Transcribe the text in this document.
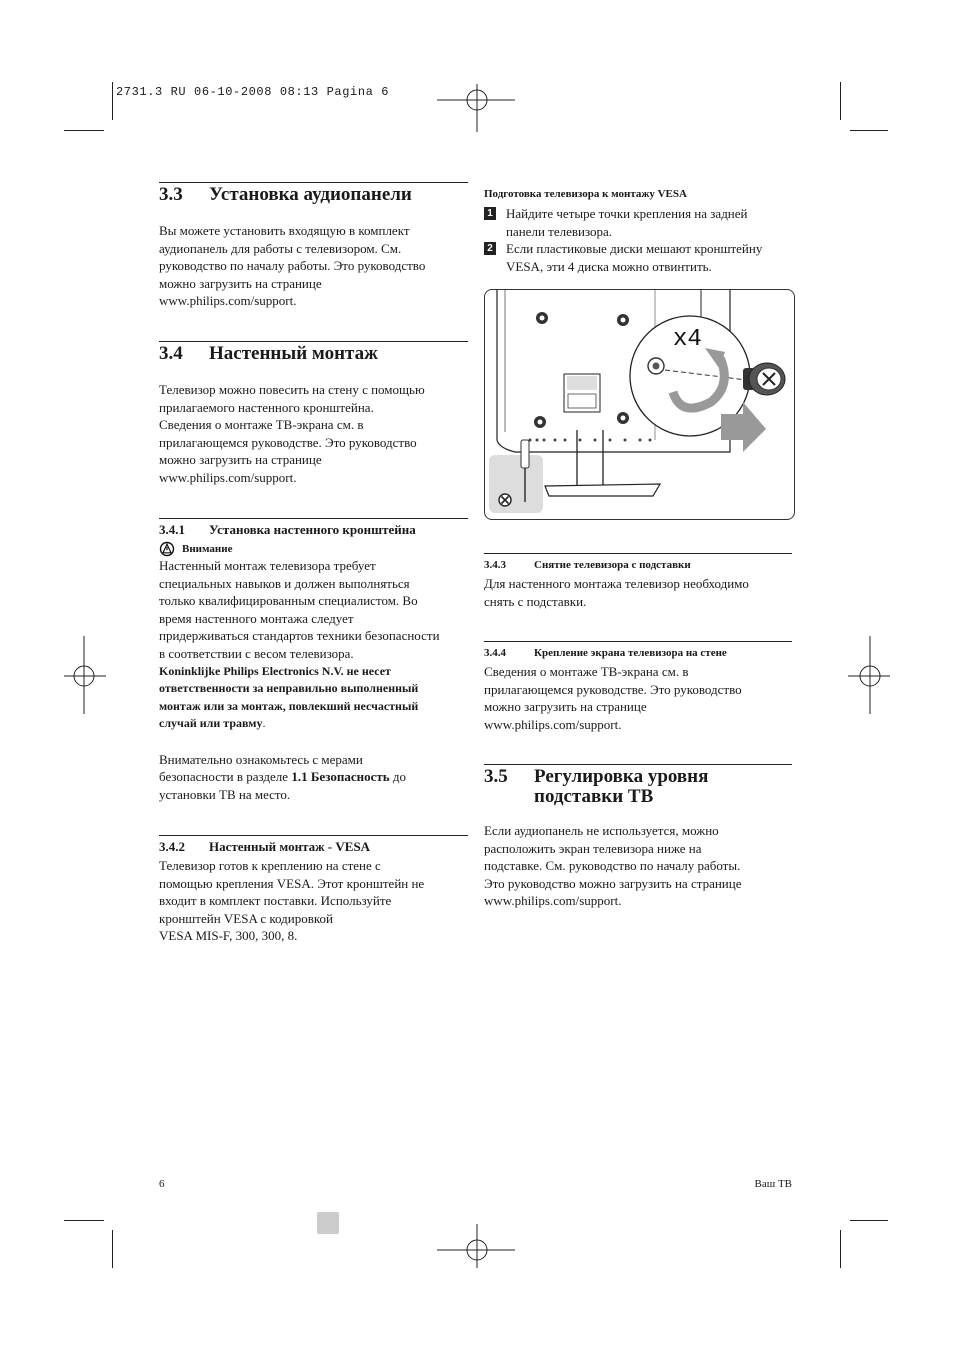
2731.3 RU 06-10-2008 08:13 Pagina 6
3.3 Установка аудиопанели
Вы можете установить входящую в комплект
аудиопанель для работы с телевизором. См.
руководство по началу работы. Это руководство
можно загрузить на странице
www.philips.com/support.
3.4 Настенный монтаж
Телевизор можно повесить на стену с помощью
прилагаемого настенного кронштейна.
Сведения о монтаже ТВ-экрана см. в
прилагающемся руководстве. Это руководство
можно загрузить на странице
www.philips.com/support.
3.4.1 Установка настенного кронштейна
Внимание
Настенный монтаж телевизора требует
специальных навыков и должен выполняться
только квалифицированным специалистом. Во
время настенного монтажа следует
придерживаться стандартов техники безопасности
в соответствии с весом телевизора.
Koninklijke Philips Electronics N.V. не несет
ответственности за неправильно выполненный
монтаж или за монтаж, повлекший несчастный
случай или травму.
Внимательно ознакомьтесь с мерами
безопасности в разделе 1.1 Безопасность до
установки ТВ на место.
3.4.2 Настенный монтаж - VESA
Телевизор готов к креплению на стене с
помощью крепления VESA. Этот кронштейн не
входит в комплект поставки. Используйте
кронштейн VESA с кодировкой
VESA MIS-F, 300, 300, 8.
Подготовка телевизора к монтажу VESA
1 Найдите четыре точки крепления на задней
панели телевизора.
2 Если пластиковые диски мешают кронштейну
VESA, эти 4 диска можно отвинтить.
x4
3.4.3	Снятие телевизора с подставки
Для настенного монтажа телевизор необходимо
снять с подставки.
3.4.4	Крепление экрана телевизора на стене
Сведения о монтаже ТВ-экрана см. в
прилагающемся руководстве. Это руководство
можно загрузить на странице
www.philips.com/support.
3.5 Регулировка уровня
подставки ТВ
Если аудиопанель не используется, можно
расположить экран телевизора ниже на
подставке. См. руководство по началу работы.
Это руководство можно загрузить на странице
www.philips.com/support.
6	Ваш ТВ
